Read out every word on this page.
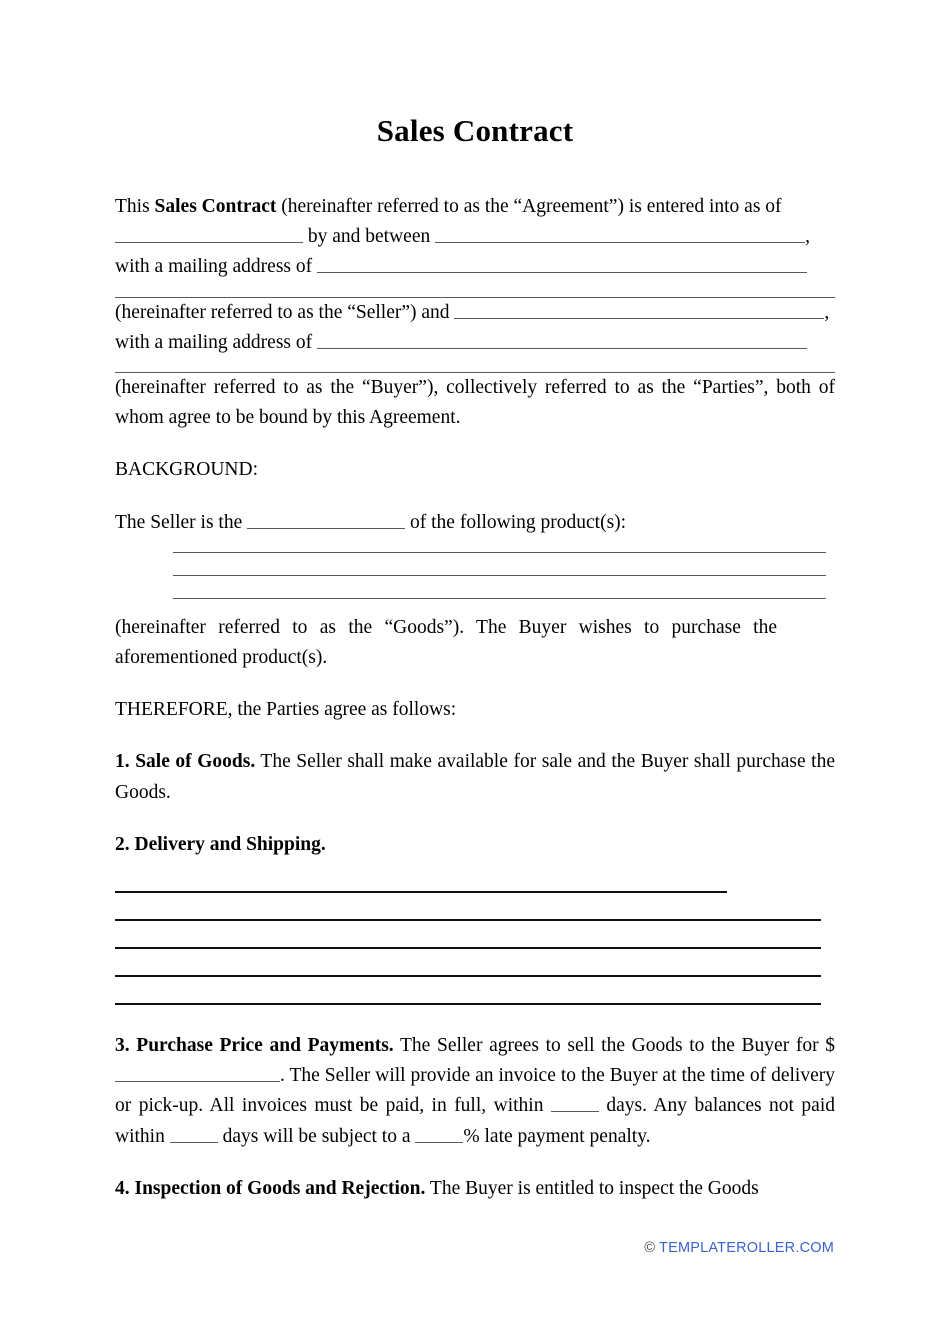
Sales Contract

This Sales Contract (hereinafter referred to as the “Agreement”) is entered into as of  by and between	,

with a mailing address of

(hereinafter referred to as the “Seller”) and	,

with a mailing address of

(hereinafter referred to as the “Buyer”), collectively referred to as the “Parties”, both of whom agree to be bound by this Agreement.

BACKGROUND:

The Seller is the	of the following product(s):

(hereinafter referred to as the “Goods”). The Buyer wishes to purchase the aforementioned product(s).

THEREFORE, the Parties agree as follows:

1. Sale of Goods. The Seller shall make available for sale and the Buyer shall purchase the Goods.

2. Delivery and Shipping.

3. Purchase Price and Payments. The Seller agrees to sell the Goods to the Buyer for $. The Seller will provide an invoice to the Buyer at the time of delivery or pick-up. All invoices must be paid, in full, within  days. Any balances not paid within  days will be subject to a % late payment penalty.

4. Inspection of Goods and Rejection. The Buyer is entitled to inspect the Goods

© TEMPLATEROLLER.COM
